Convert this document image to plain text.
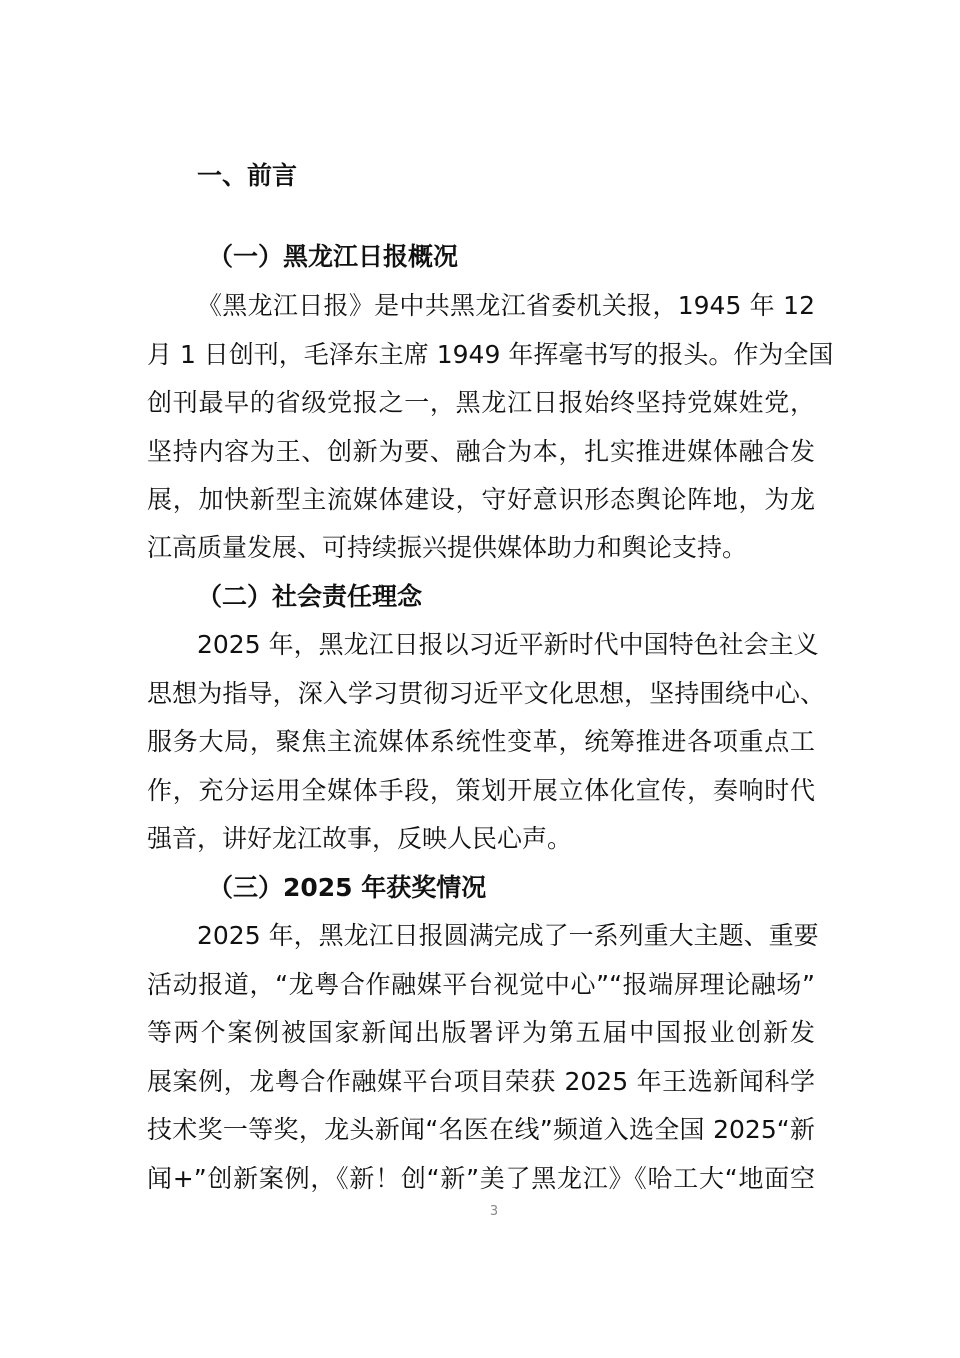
一、前言
（一）黑龙江日报概况
《黑龙江日报》是中共黑龙江省委机关报，1945 年 12
月 1 日创刊，毛泽东主席 1949 年挥毫书写的报头。作为全国
创刊最早的省级党报之一，黑龙江日报始终坚持党媒姓党，
坚持内容为王、创新为要、融合为本，扎实推进媒体融合发
展，加快新型主流媒体建设，守好意识形态舆论阵地，为龙
江高质量发展、可持续振兴提供媒体助力和舆论支持。
（二）社会责任理念
2025 年，黑龙江日报以习近平新时代中国特色社会主义
思想为指导，深入学习贯彻习近平文化思想，坚持围绕中心、
服务大局，聚焦主流媒体系统性变革，统筹推进各项重点工
作，充分运用全媒体手段，策划开展立体化宣传，奏响时代
强音，讲好龙江故事，反映人民心声。
（三）2025 年获奖情况
2025 年，黑龙江日报圆满完成了一系列重大主题、重要
活动报道，“龙粤合作融媒平台视觉中心”“报端屏理论融场”
等两个案例被国家新闻出版署评为第五届中国报业创新发
展案例，龙粤合作融媒平台项目荣获 2025 年王选新闻科学
技术奖一等奖，龙头新闻“名医在线”频道入选全国 2025“新
闻+”创新案例，《新！创“新”美了黑龙江》《哈工大“地面空
3
